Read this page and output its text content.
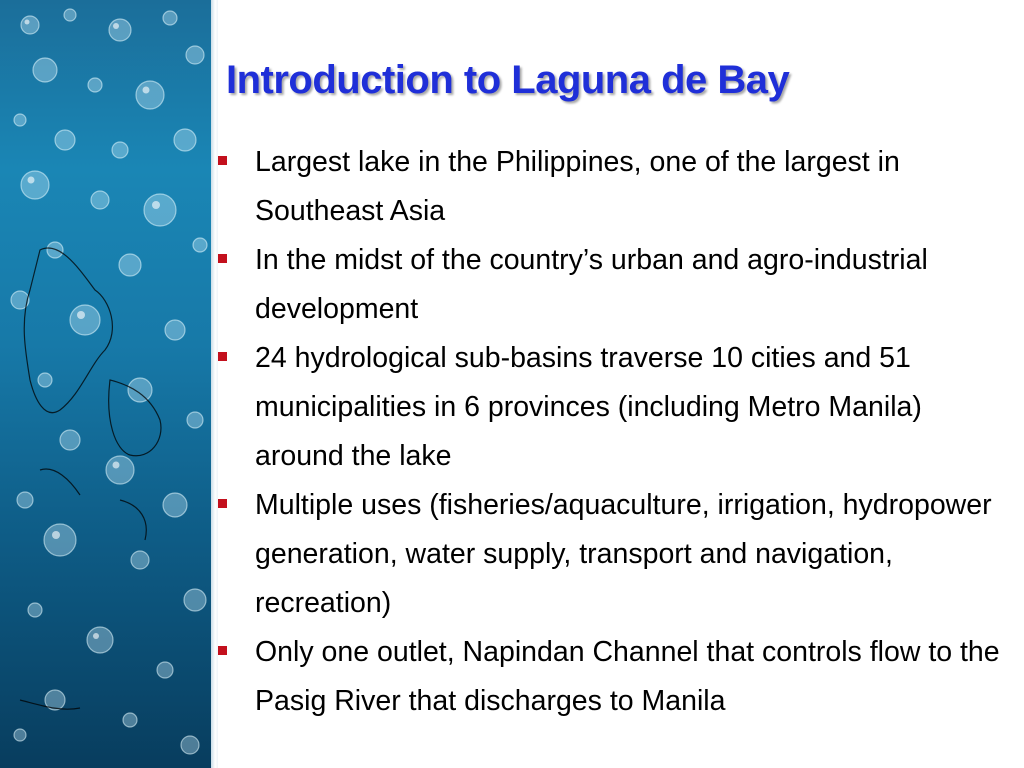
Introduction to Laguna de Bay
Largest lake in the Philippines, one of the largest in Southeast Asia
In the midst of the country’s urban and agro-industrial development
24 hydrological sub-basins traverse 10 cities and 51 municipalities in 6 provinces (including Metro Manila) around the lake
Multiple uses (fisheries/aquaculture, irrigation, hydropower generation, water supply, transport and navigation, recreation)
Only one outlet, Napindan Channel that controls flow to the Pasig River that discharges to Manila
